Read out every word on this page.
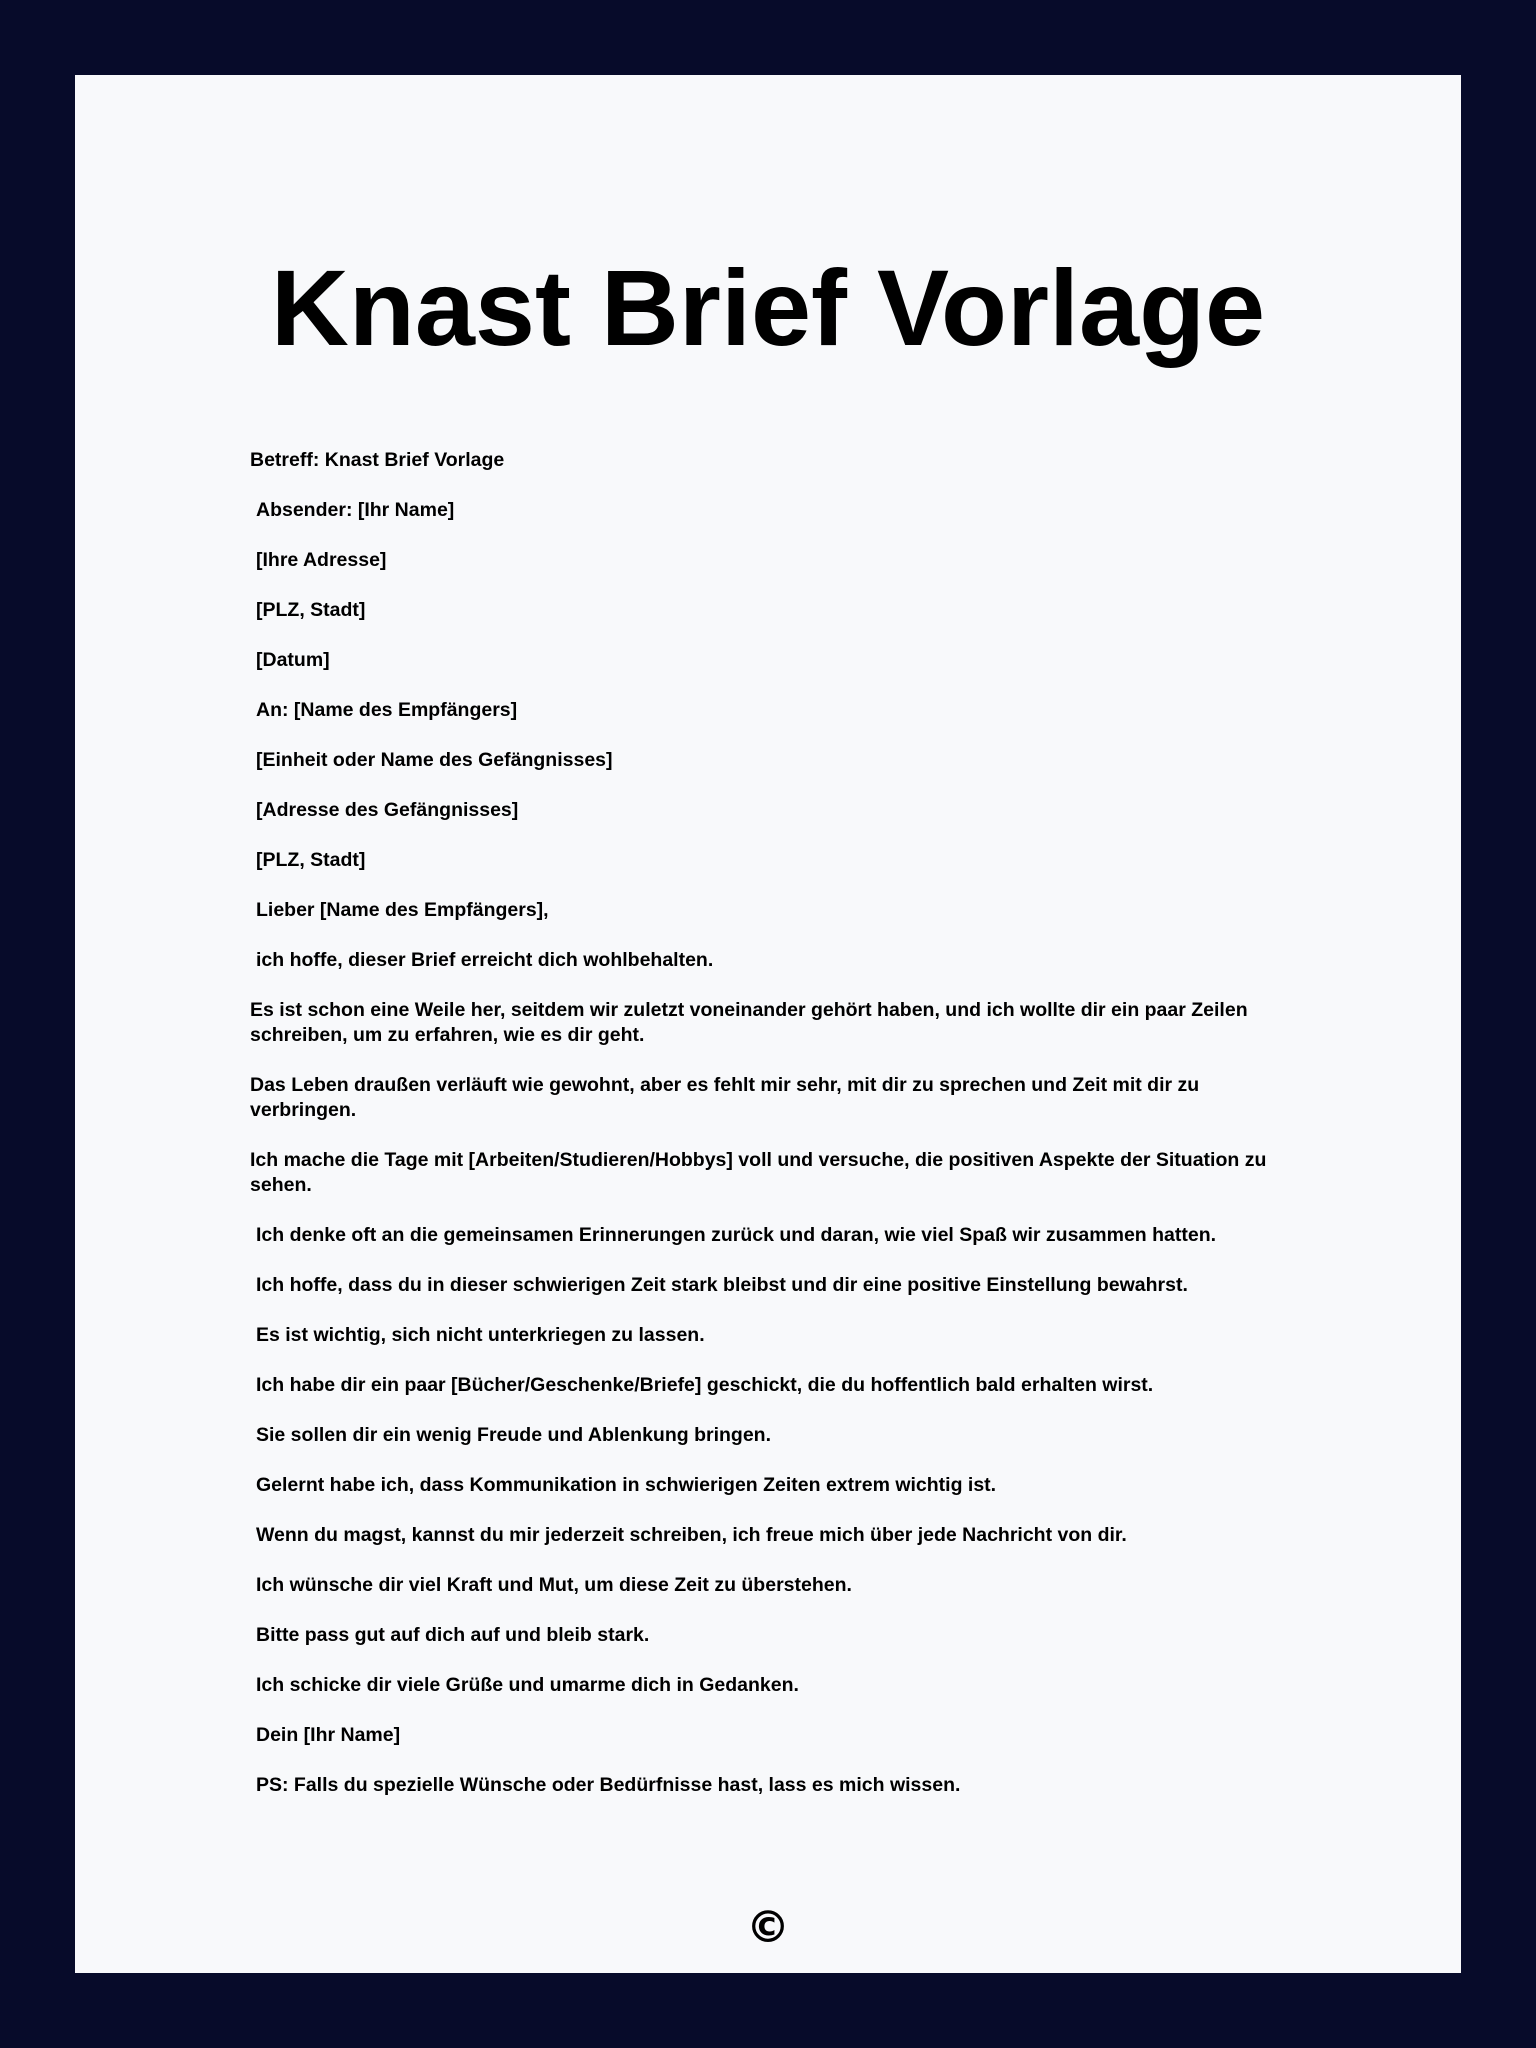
Knast Brief Vorlage

Betreff: Knast Brief Vorlage

Absender: [Ihr Name]

[Ihre Adresse]

[PLZ, Stadt]

[Datum]

An: [Name des Empfängers]

[Einheit oder Name des Gefängnisses]

[Adresse des Gefängnisses]

[PLZ, Stadt]

Lieber [Name des Empfängers],

ich hoffe, dieser Brief erreicht dich wohlbehalten.

Es ist schon eine Weile her, seitdem wir zuletzt voneinander gehört haben, und ich wollte dir ein paar Zeilen schreiben, um zu erfahren, wie es dir geht.

Das Leben draußen verläuft wie gewohnt, aber es fehlt mir sehr, mit dir zu sprechen und Zeit mit dir zu verbringen.

Ich mache die Tage mit [Arbeiten/Studieren/Hobbys] voll und versuche, die positiven Aspekte der Situation zu sehen.

Ich denke oft an die gemeinsamen Erinnerungen zurück und daran, wie viel Spaß wir zusammen hatten.

Ich hoffe, dass du in dieser schwierigen Zeit stark bleibst und dir eine positive Einstellung bewahrst.

Es ist wichtig, sich nicht unterkriegen zu lassen.

Ich habe dir ein paar [Bücher/Geschenke/Briefe] geschickt, die du hoffentlich bald erhalten wirst.

Sie sollen dir ein wenig Freude und Ablenkung bringen.

Gelernt habe ich, dass Kommunikation in schwierigen Zeiten extrem wichtig ist.

Wenn du magst, kannst du mir jederzeit schreiben, ich freue mich über jede Nachricht von dir.

Ich wünsche dir viel Kraft und Mut, um diese Zeit zu überstehen.

Bitte pass gut auf dich auf und bleib stark.

Ich schicke dir viele Grüße und umarme dich in Gedanken.

Dein [Ihr Name]

PS: Falls du spezielle Wünsche oder Bedürfnisse hast, lass es mich wissen.

©
